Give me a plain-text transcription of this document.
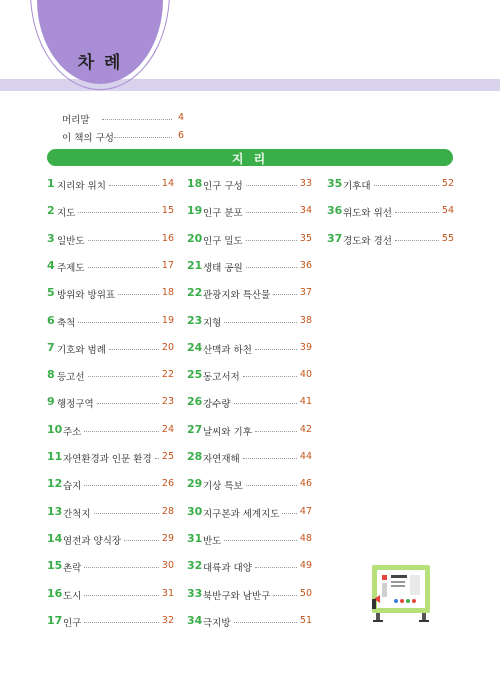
차 례
머리말	4
이 책의 구성	6
지 리
1 지리와 위치	14
2 지도	15
3 일반도	16
4 주제도	17
5 방위와 방위표	18
6 축척	19
7 기호와 범례	20
8 등고선	22
9 행정구역	23
10 주소	24
11 자연환경과 인문 환경 25
12 습지	26
13 간척지	28
14 염전과 양식장	29
15 촌락	30
16 도시	31
17 인구	32
18 인구 구성	33
19 인구 분포	34
20 인구 밀도	35
21 생태 공원	36
22 관광지와 특산물	37
23 지형	38
24 산맥과 하천	39
25 동고서저	40
26 강수량	41
27 날씨와 기후	42
28 자연재해	44
29 기상 특보	46
30 지구본과 세계지도 47
31 반도	48
32 대륙과 대양	49
33 북반구와 남반구	50
34 극지방	51
35 기후대	52
36 위도와 위선	54
37 경도와 경선	55
